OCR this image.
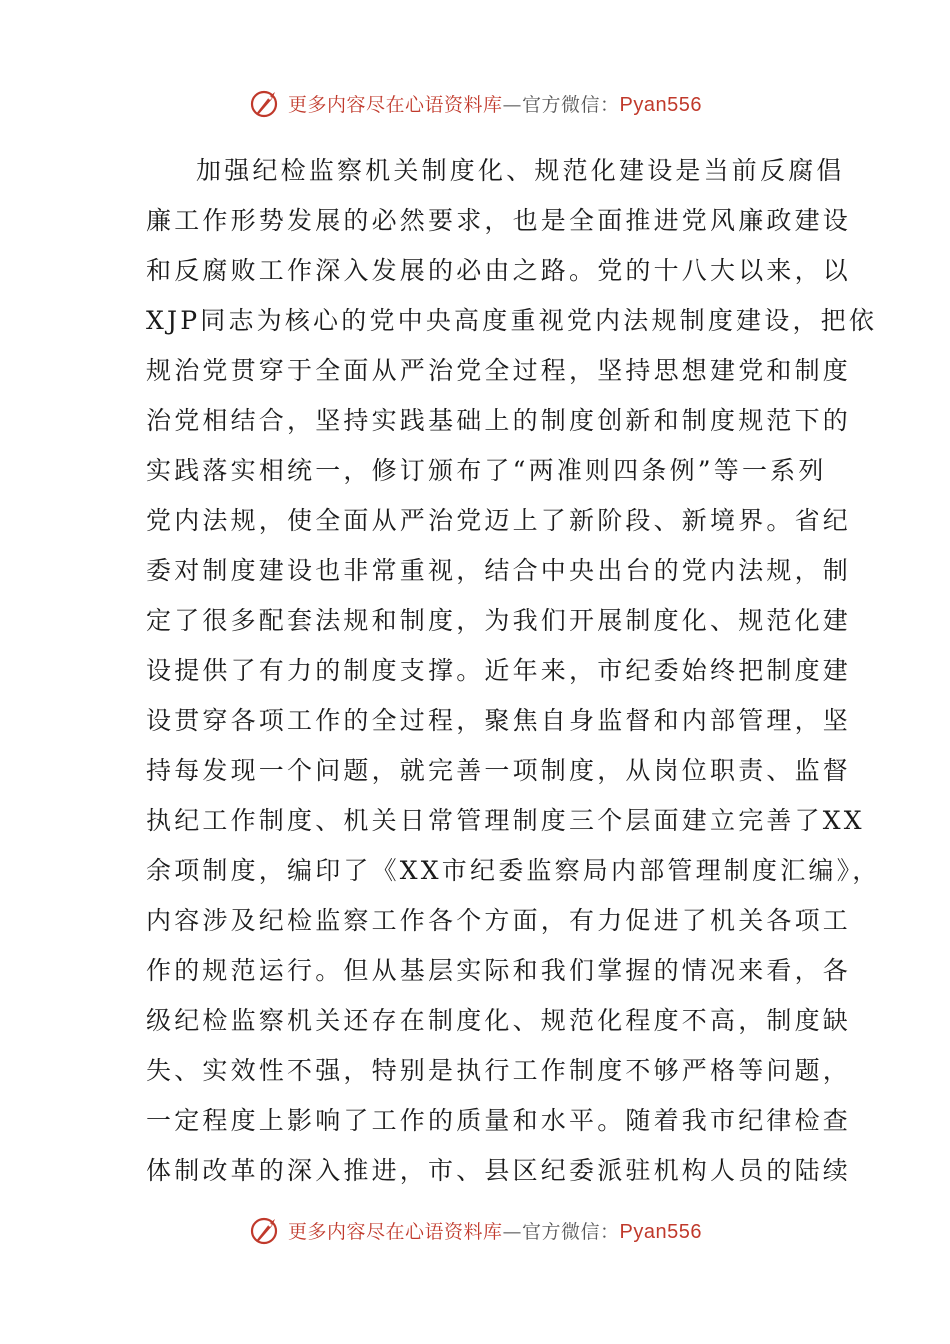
更多内容尽在心语资料库—官方微信：Pyan556
加强纪检监察机关制度化、规范化建设是当前反腐倡
廉工作形势发展的必然要求，也是全面推进党风廉政建设
和反腐败工作深入发展的必由之路。党的十八大以来，以
XJP同志为核心的党中央高度重视党内法规制度建设，把依
规治党贯穿于全面从严治党全过程，坚持思想建党和制度
治党相结合，坚持实践基础上的制度创新和制度规范下的
实践落实相统一，修订颁布了“两准则四条例”等一系列
党内法规，使全面从严治党迈上了新阶段、新境界。省纪
委对制度建设也非常重视，结合中央出台的党内法规，制
定了很多配套法规和制度，为我们开展制度化、规范化建
设提供了有力的制度支撑。近年来，市纪委始终把制度建
设贯穿各项工作的全过程，聚焦自身监督和内部管理，坚
持每发现一个问题，就完善一项制度，从岗位职责、监督
执纪工作制度、机关日常管理制度三个层面建立完善了XX
余项制度，编印了《XX市纪委监察局内部管理制度汇编》，
内容涉及纪检监察工作各个方面，有力促进了机关各项工
作的规范运行。但从基层实际和我们掌握的情况来看，各
级纪检监察机关还存在制度化、规范化程度不高，制度缺
失、实效性不强，特别是执行工作制度不够严格等问题，
一定程度上影响了工作的质量和水平。随着我市纪律检查
体制改革的深入推进，市、县区纪委派驻机构人员的陆续
更多内容尽在心语资料库—官方微信：Pyan556
